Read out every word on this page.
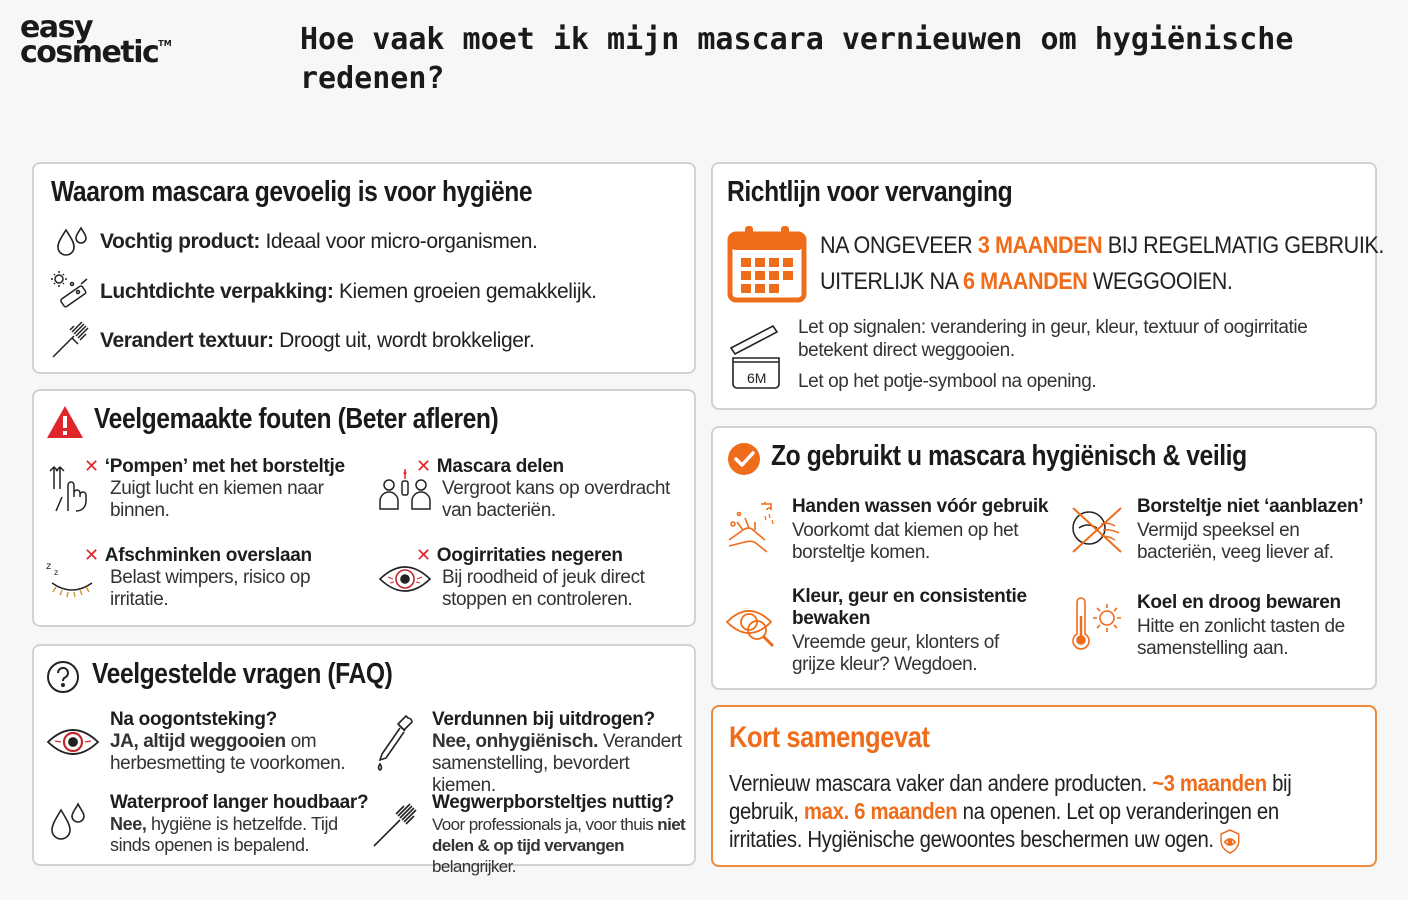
easy
cosmetic™	Hoe vaak moet ik mijn mascara vernieuwen om hygiënische redenen?
Waarom mascara gevoelig is voor hygiëne
Vochtig product: Ideaal voor micro-organismen.
Luchtdichte verpakking: Kiemen groeien gemakkelijk.
Verandert textuur: Droogt uit, wordt brokkeliger.
Veelgemaakte fouten (Beter afleren)
✕ ‘Pompen’ met het borsteltje
Zuigt lucht en kiemen naar binnen.
✕ Mascara delen
Vergroot kans op overdracht van bacteriën.
z
z
✕ Afschminken overslaan
Belast wimpers, risico op irritatie.
✕ Oogirritaties negeren
Bij roodheid of jeuk direct stoppen en controleren.
Veelgestelde vragen (FAQ)
Na oogontsteking?
JA, altijd weggooien om herbesmetting te voorkomen.
Verdunnen bij uitdrogen?
Nee, onhygiënisch. Verandert samenstelling, bevordert kiemen.
Waterproof langer houdbaar?
Nee, hygiëne is hetzelfde. Tijd sinds openen is bepalend.
Wegwerpborsteltjes nuttig?
Voor professionals ja, voor thuis niet delen & op tijd vervangen belangrijker.
Richtlijn voor vervanging
NA ONGEVEER 3 MAANDEN BIJ REGELMATIG GEBRUIK.
UITERLIJK NA 6 MAANDEN WEGGOOIEN.
6M
Let op signalen: verandering in geur, kleur, textuur of oogirritatie betekent direct weggooien.
Let op het potje-symbool na opening.
Zo gebruikt u mascara hygiënisch & veilig
Handen wassen vóór gebruik
Voorkomt dat kiemen op het borsteltje komen.
Borsteltje niet ‘aanblazen’
Vermijd speeksel en bacteriën, veeg liever af.
Kleur, geur en consistentie bewaken
Vreemde geur, klonters of grijze kleur? Wegdoen.
Koel en droog bewaren
Hitte en zonlicht tasten de samenstelling aan.
Kort samengevat
Vernieuw mascara vaker dan andere producten. ~3 maanden bij gebruik, max. 6 maanden na openen. Let op veranderingen en irritaties. Hygiënische gewoontes beschermen uw ogen.
